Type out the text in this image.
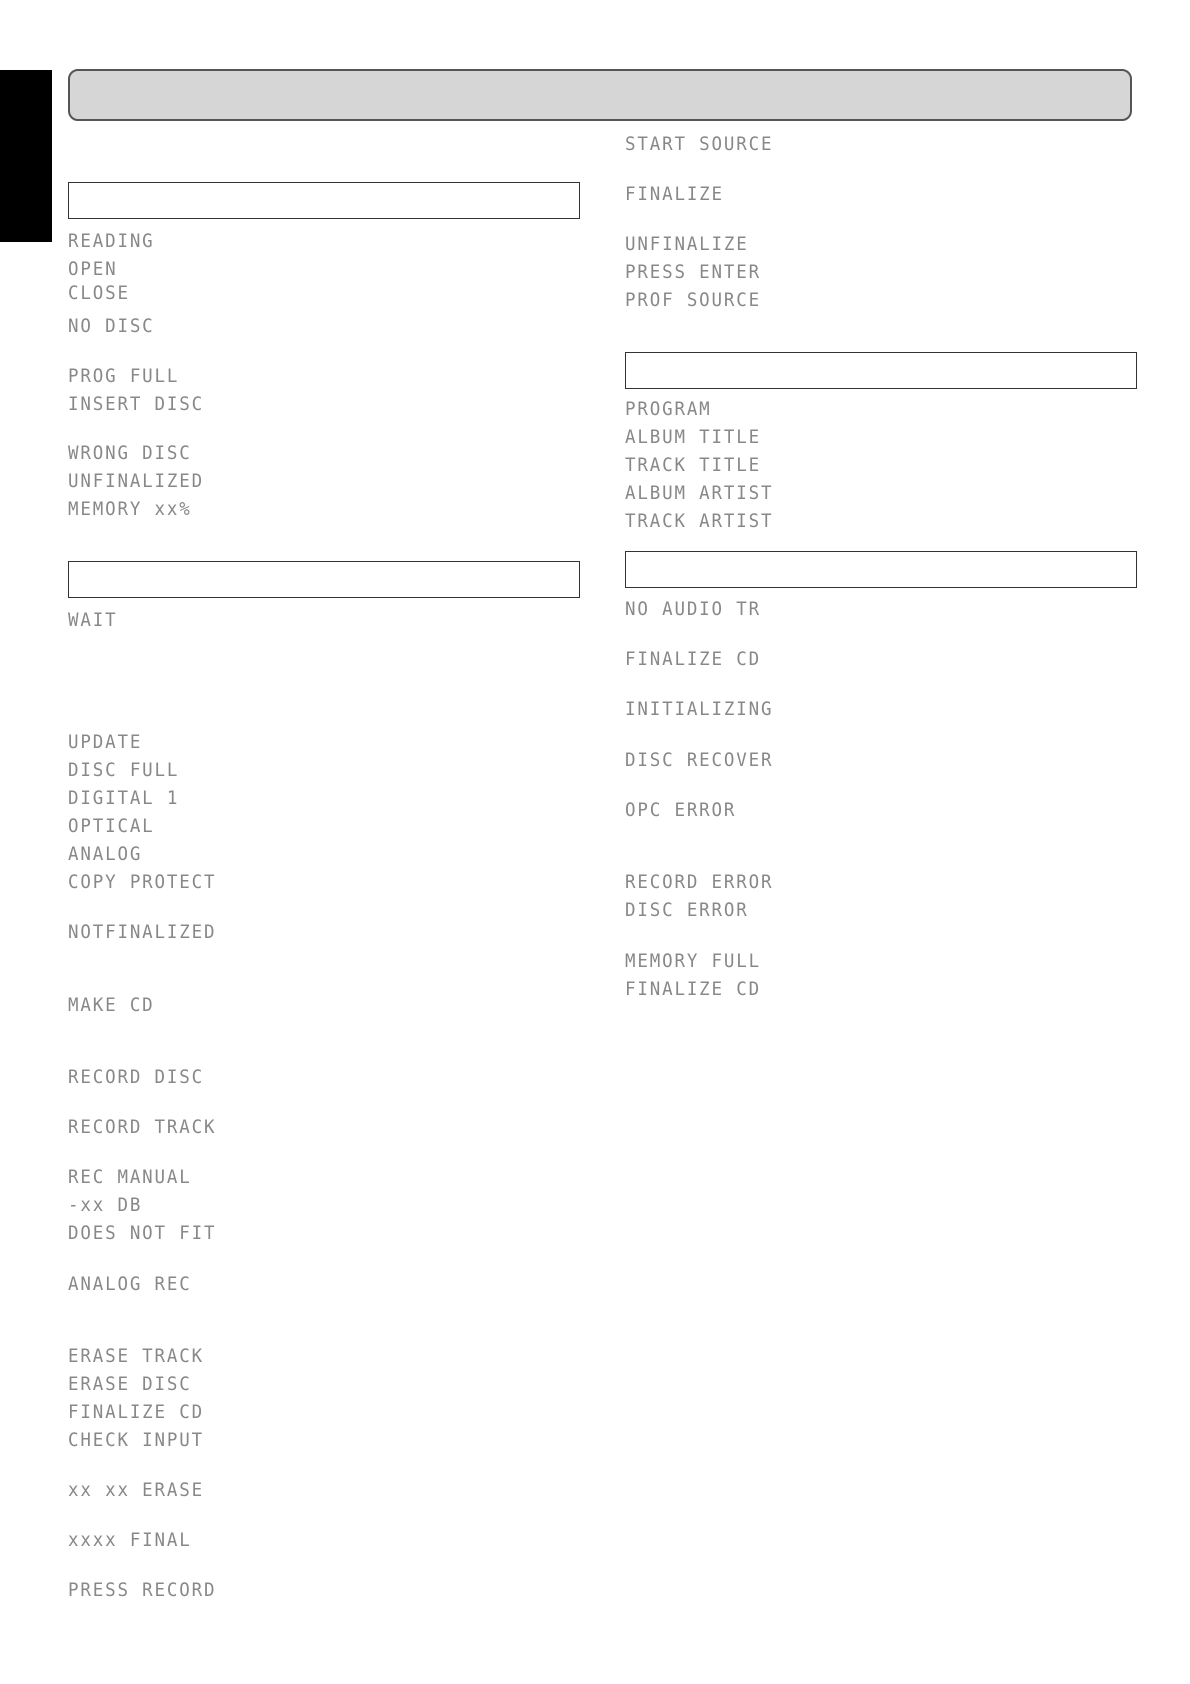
READING
OPEN
CLOSE
NO DISC
PROG FULL
INSERT DISC
WRONG DISC
UNFINALIZED
MEMORY xx%
WAIT
UPDATE
DISC FULL
DIGITAL 1
OPTICAL
ANALOG
COPY PROTECT
NOTFINALIZED
MAKE CD
RECORD DISC
RECORD TRACK
REC MANUAL
-xx DB
DOES NOT FIT
ANALOG REC
ERASE TRACK
ERASE DISC
FINALIZE CD
CHECK INPUT
xx xx ERASE
xxxx FINAL
PRESS RECORD
START SOURCE
FINALIZE
UNFINALIZE
PRESS ENTER
PROF SOURCE
PROGRAM
ALBUM TITLE
TRACK TITLE
ALBUM ARTIST
TRACK ARTIST
NO AUDIO TR
FINALIZE CD
INITIALIZING
DISC RECOVER
OPC ERROR
RECORD ERROR
DISC ERROR
MEMORY FULL
FINALIZE CD
